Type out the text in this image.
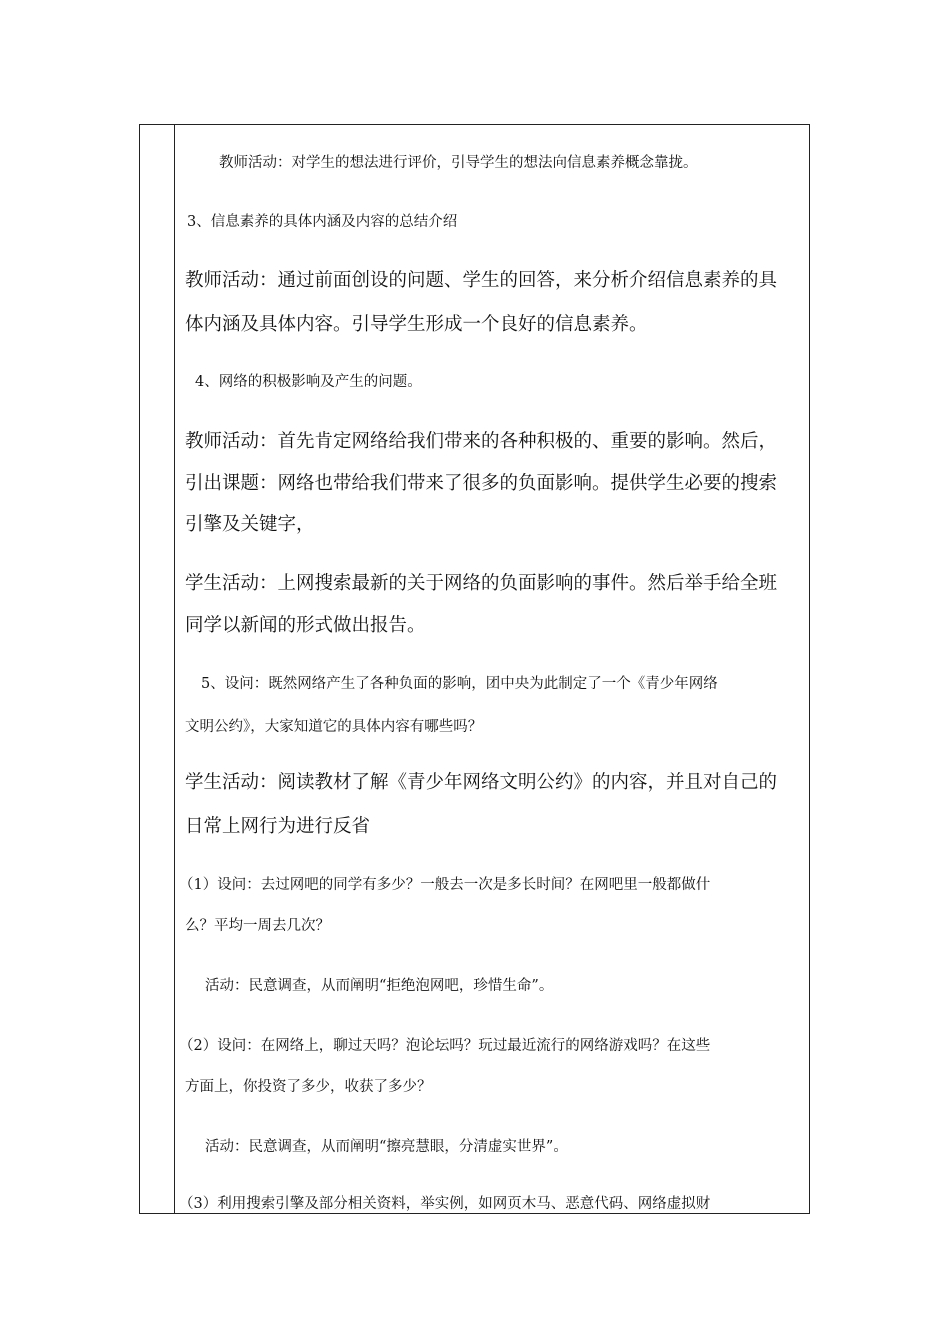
教师活动：对学生的想法进行评价，引导学生的想法向信息素养概念靠拢。

3、信息素养的具体内涵及内容的总结介绍

教师活动：通过前面创设的问题、学生的回答，来分析介绍信息素养的具

体内涵及具体内容。引导学生形成一个良好的信息素养。

4、网络的积极影响及产生的问题。

教师活动：首先肯定网络给我们带来的各种积极的、重要的影响。然后，

引出课题：网络也带给我们带来了很多的负面影响。提供学生必要的搜索

引擎及关键字，

学生活动：上网搜索最新的关于网络的负面影响的事件。然后举手给全班

同学以新闻的形式做出报告。

5、设问：既然网络产生了各种负面的影响，团中央为此制定了一个《青少年网络

文明公约》，大家知道它的具体内容有哪些吗？

学生活动：阅读教材了解《青少年网络文明公约》的内容，并且对自己的

日常上网行为进行反省

（1）设问：去过网吧的同学有多少？一般去一次是多长时间？在网吧里一般都做什

么？平均一周去几次？

活动：民意调查，从而阐明“拒绝泡网吧，珍惜生命”。

（2）设问：在网络上，聊过天吗？泡论坛吗？玩过最近流行的网络游戏吗？在这些

方面上，你投资了多少，收获了多少？

活动：民意调查，从而阐明“擦亮慧眼，分清虚实世界”。

（3）利用搜索引擎及部分相关资料，举实例，如网页木马、恶意代码、网络虚拟财
